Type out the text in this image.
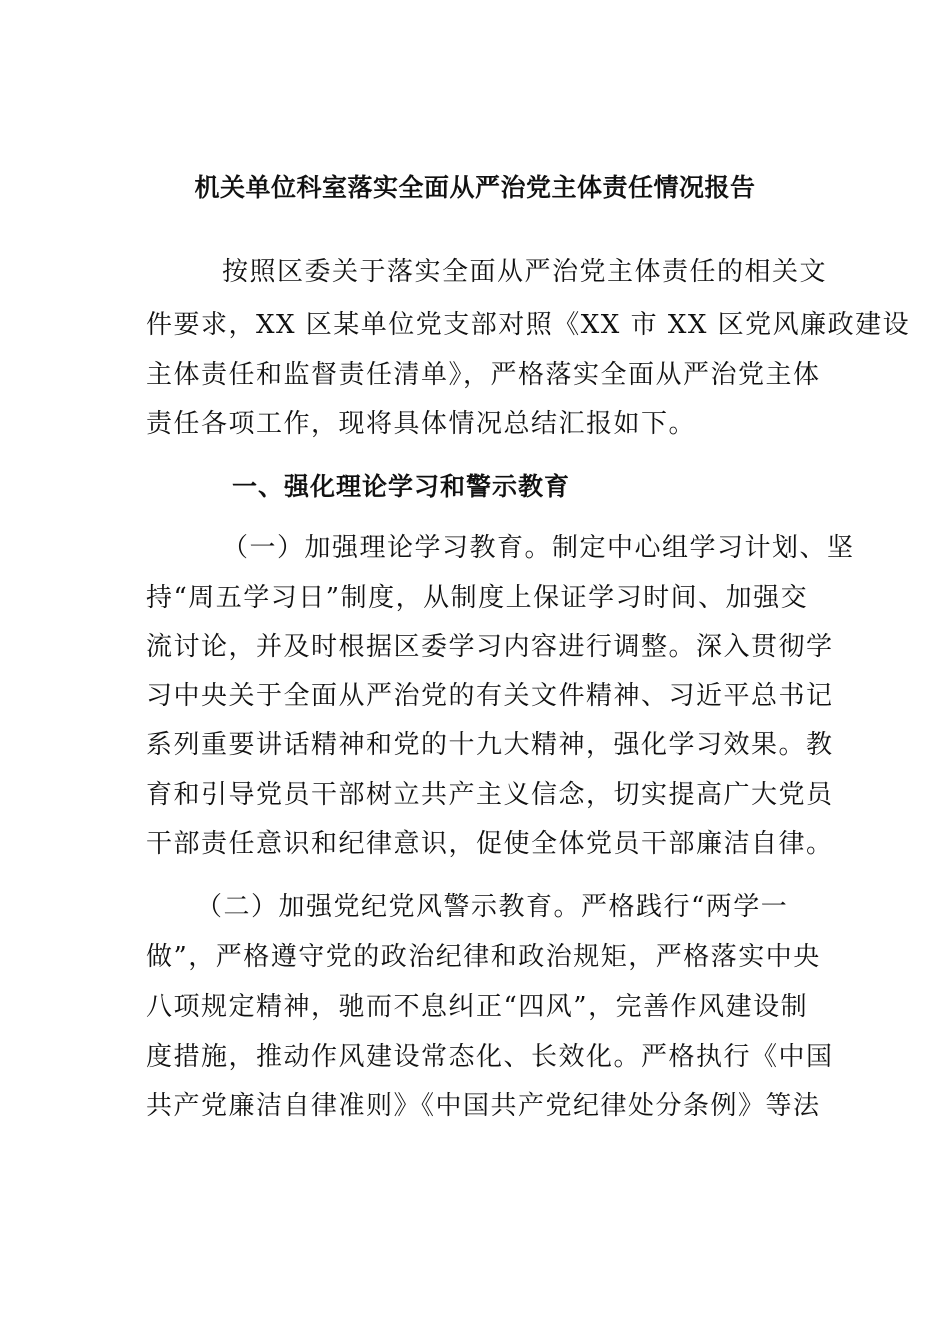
机关单位科室落实全面从严治党主体责任情况报告
按照区委关于落实全面从严治党主体责任的相关文
件要求，XX 区某单位党支部对照《XX 市 XX 区党风廉政建设
主体责任和监督责任清单》，严格落实全面从严治党主体
责任各项工作，现将具体情况总结汇报如下。
一、强化理论学习和警示教育
（一）加强理论学习教育。制定中心组学习计划、坚
持“周五学习日”制度，从制度上保证学习时间、加强交
流讨论，并及时根据区委学习内容进行调整。深入贯彻学
习中央关于全面从严治党的有关文件精神、习近平总书记
系列重要讲话精神和党的十九大精神，强化学习效果。教
育和引导党员干部树立共产主义信念，切实提高广大党员
干部责任意识和纪律意识，促使全体党员干部廉洁自律。
（二）加强党纪党风警示教育。严格践行“两学一
做”，严格遵守党的政治纪律和政治规矩，严格落实中央
八项规定精神，驰而不息纠正“四风”，完善作风建设制
度措施，推动作风建设常态化、长效化。严格执行《中国
共产党廉洁自律准则》《中国共产党纪律处分条例》等法
